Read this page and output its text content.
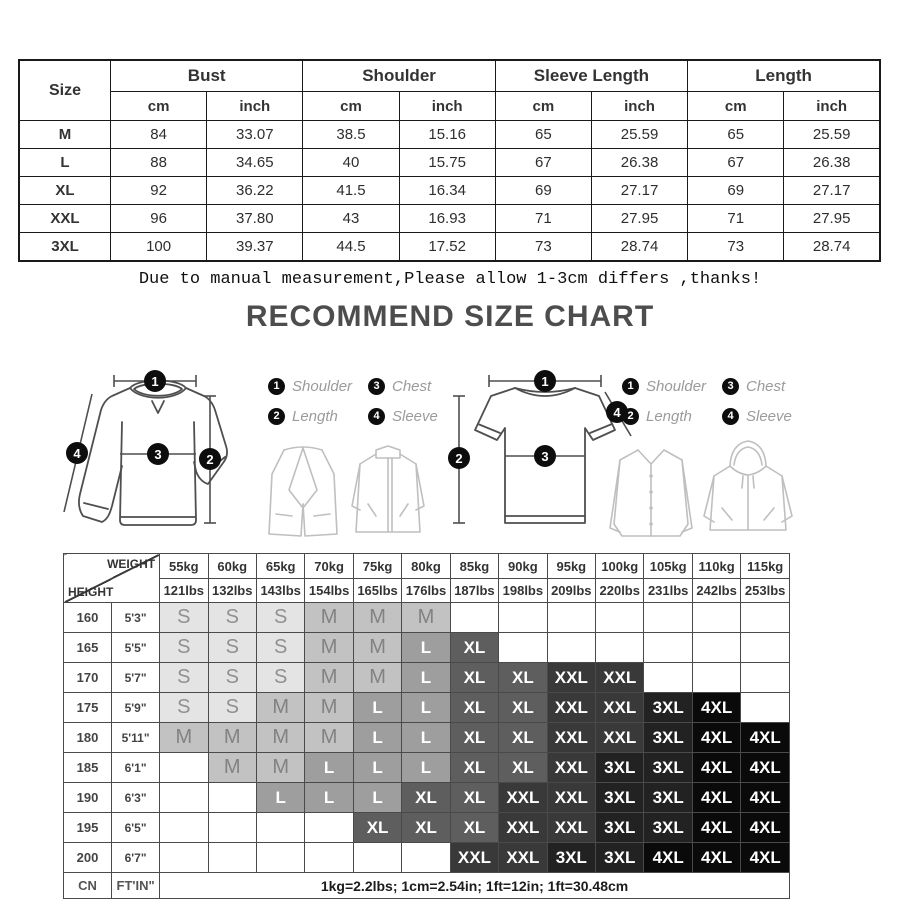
Size	Bust		Shoulder		Sleeve Length		Length	
	cm	inch	cm	inch	cm	inch	cm	inch
M	84	33.07	38.5	15.16	65	25.59	65	25.59
L	88	34.65	40	15.75	67	26.38	67	26.38
XL	92	36.22	41.5	16.34	69	27.17	69	27.17
XXL	96	37.80	43	16.93	71	27.95	71	27.95
3XL	100	39.37	44.5	17.52	73	28.74	73	28.74
Due to manual measurement,Please allow 1-3cm differs ,thanks!
RECOMMEND SIZE CHART
1
2
3
4
1 Shoulder
2 Length
3 Chest
4 Sleeve
1
2	3
4
1 Shoulder
2 Length
3 Chest
4 Sleeve
WEIGHT
HEIGHT		55kg	60kg	65kg	70kg	75kg	80kg	85kg	90kg	95kg	100kg	105kg	110kg	115kg
		121lbs	132lbs	143lbs	154lbs	165lbs	176lbs	187lbs	198lbs	209lbs	220lbs	231lbs	242lbs	253lbs
160	5'3"	S	S	S	M	M	M							
165	5'5"	S	S	S	M	M	L	XL						
170	5'7"	S	S	S	M	M	L	XL	XL	XXL	XXL			
175	5'9"	S	S	M	M	L	L	XL	XL	XXL	XXL	3XL	4XL	
180	5'11"	M	M	M	M	L	L	XL	XL	XXL	XXL	3XL	4XL	4XL
185	6'1"		M	M	L	L	L	XL	XL	XXL	3XL	3XL	4XL	4XL
190	6'3"			L	L	L	XL	XL	XXL	XXL	3XL	3XL	4XL	4XL
195	6'5"					XL	XL	XL	XXL	XXL	3XL	3XL	4XL	4XL
200	6'7"							XXL	XXL	3XL	3XL	4XL	4XL	4XL
CN	FT'IN"	1kg=2.2lbs; 1cm=2.54in; 1ft=12in; 1ft=30.48cm												
